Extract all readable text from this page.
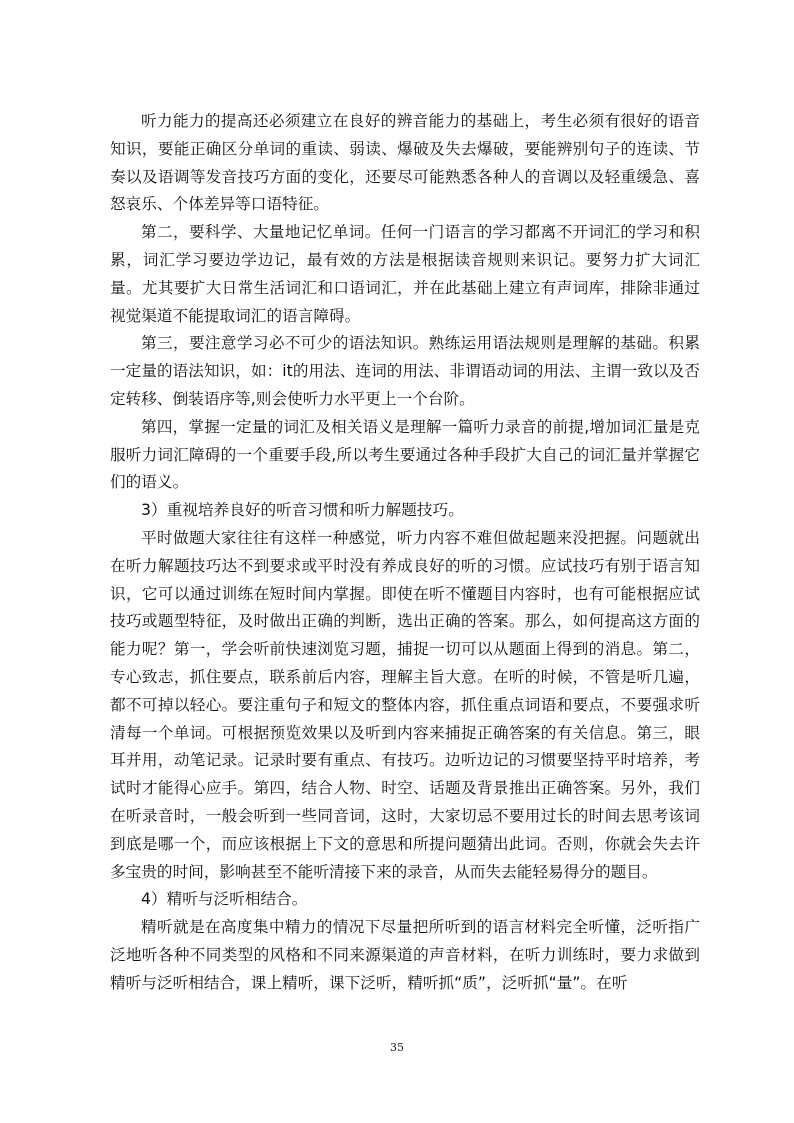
听力能力的提高还必须建立在良好的辨音能力的基础上，考生必须有很好的语音知识，要能正确区分单词的重读、弱读、爆破及失去爆破，要能辨别句子的连读、节奏以及语调等发音技巧方面的变化，还要尽可能熟悉各种人的音调以及轻重缓急、喜怒哀乐、个体差异等口语特征。

第二，要科学、大量地记忆单词。任何一门语言的学习都离不开词汇的学习和积累，词汇学习要边学边记，最有效的方法是根据读音规则来识记。要努力扩大词汇量。尤其要扩大日常生活词汇和口语词汇，并在此基础上建立有声词库，排除非通过视觉渠道不能提取词汇的语言障碍。

第三，要注意学习必不可少的语法知识。熟练运用语法规则是理解的基础。积累一定量的语法知识，如：it的用法、连词的用法、非谓语动词的用法、主谓一致以及否定转移、倒装语序等,则会使听力水平更上一个台阶。

第四，掌握一定量的词汇及相关语义是理解一篇听力录音的前提,增加词汇量是克服听力词汇障碍的一个重要手段,所以考生要通过各种手段扩大自己的词汇量并掌握它们的语义。

3）重视培养良好的听音习惯和听力解题技巧。

平时做题大家往往有这样一种感觉，听力内容不难但做起题来没把握。问题就出在听力解题技巧达不到要求或平时没有养成良好的听的习惯。应试技巧有别于语言知识，它可以通过训练在短时间内掌握。即使在听不懂题目内容时，也有可能根据应试技巧或题型特征，及时做出正确的判断，选出正确的答案。那么，如何提高这方面的能力呢？第一，学会听前快速浏览习题，捕捉一切可以从题面上得到的消息。第二，专心致志，抓住要点，联系前后内容，理解主旨大意。在听的时候，不管是听几遍，都不可掉以轻心。要注重句子和短文的整体内容，抓住重点词语和要点，不要强求听清每一个单词。可根据预览效果以及听到内容来捕捉正确答案的有关信息。第三，眼耳并用，动笔记录。记录时要有重点、有技巧。边听边记的习惯要坚持平时培养，考试时才能得心应手。第四，结合人物、时空、话题及背景推出正确答案。另外，我们在听录音时，一般会听到一些同音词，这时，大家切忌不要用过长的时间去思考该词到底是哪一个，而应该根据上下文的意思和所提问题猜出此词。否则，你就会失去许多宝贵的时间，影响甚至不能听清接下来的录音，从而失去能轻易得分的题目。

4）精听与泛听相结合。

精听就是在高度集中精力的情况下尽量把所听到的语言材料完全听懂，泛听指广泛地听各种不同类型的风格和不同来源渠道的声音材料，在听力训练时，要力求做到精听与泛听相结合，课上精听，课下泛听，精听抓“质”，泛听抓“量”。在听

35
